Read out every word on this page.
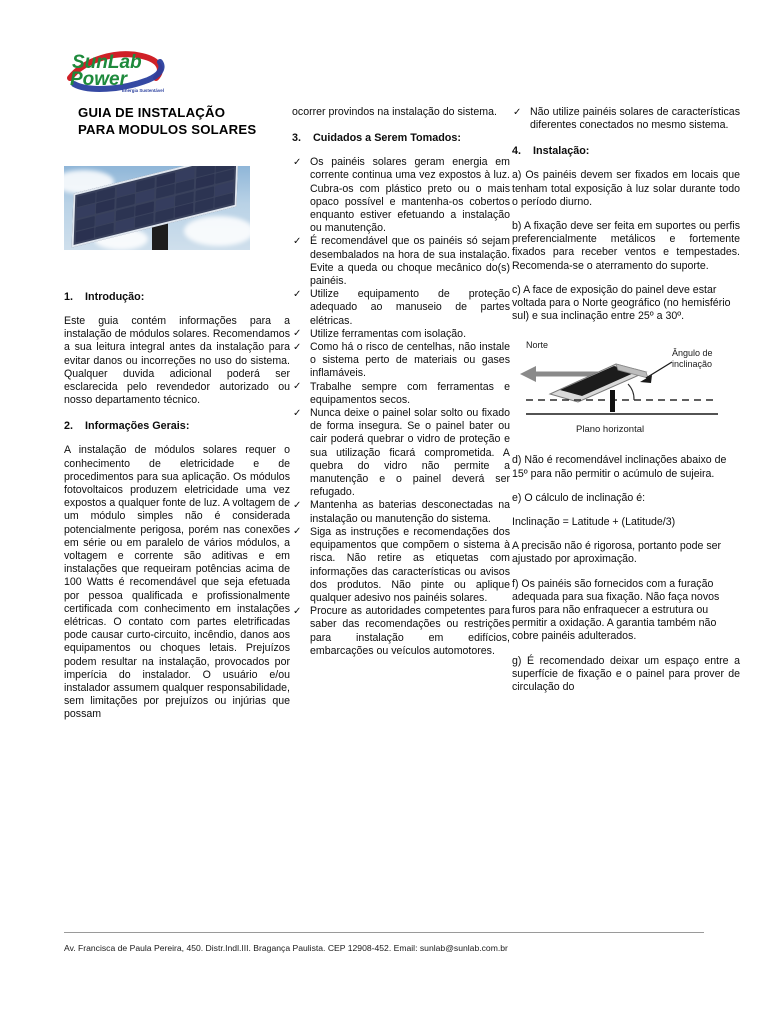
SunLab
Power
Energia Sustentável
GUIA DE INSTALAÇÃO
PARA MODULOS SOLARES
1. Introdução:

Este guia contém informações para a instalação de módulos solares. Recomendamos a sua leitura integral antes da instalação para evitar danos ou incorreções no uso do sistema. Qualquer duvida adicional poderá ser esclarecida pelo revendedor autorizado ou nosso departamento técnico.

2. Informações Gerais:

A instalação de módulos solares requer o conhecimento de eletricidade e de procedimentos para sua aplicação. Os módulos fotovoltaicos produzem eletricidade uma vez expostos a qualquer fonte de luz. A voltagem de um módulo simples não é considerada potencialmente perigosa, porém nas conexões em série ou em paralelo de vários módulos, a voltagem e corrente são aditivas e em instalações que requeiram potências acima de 100 Watts é recomendável que seja efetuada por pessoa qualificada e profissionalmente certificada com conhecimento em instalações elétricas. O contato com partes eletrificadas pode causar curto-circuito, incêndio, danos aos equipamentos ou choques letais. Prejuízos podem resultar na instalação, provocados por imperícia do instalador. O usuário e/ou instalador assumem qualquer responsabilidade, sem limitações por prejuízos ou injúrias que possam

ocorrer provindos na instalação do sistema.

3. Cuidados a Serem Tomados:
✓ Os painéis solares geram energia em corrente continua uma vez expostos à luz. Cubra-os com plástico preto ou o mais opaco possível e mantenha-os cobertos enquanto estiver efetuando a instalação ou manutenção.
✓ É recomendável que os painéis só sejam desembalados na hora de sua instalação. Evite a queda ou choque mecânico do(s) painéis.
✓ Utilize equipamento de proteção adequado ao manuseio de partes elétricas.
✓ Utilize ferramentas com isolação.
✓ Como há o risco de centelhas, não instale o sistema perto de materiais ou gases inflamáveis.
✓ Trabalhe sempre com ferramentas e equipamentos secos.
✓ Nunca deixe o painel solar solto ou fixado de forma insegura. Se o painel bater ou cair poderá quebrar o vidro de proteção e sua utilização ficará comprometida. A quebra do vidro não permite a manutenção e o painel deverá ser refugado.
✓ Mantenha as baterias desconectadas na instalação ou manutenção do sistema.
✓ Siga as instruções e recomendações dos equipamentos que compõem o sistema à risca. Não retire as etiquetas com informações das características ou avisos dos produtos. Não pinte ou aplique qualquer adesivo nos painéis solares.
✓ Procure as autoridades competentes para saber das recomendações ou restrições para instalação em edifícios, embarcações ou veículos automotores.
✓ Não utilize painéis solares de características diferentes conectados no mesmo sistema.
4. Instalação:

a) Os painéis devem ser fixados em locais que tenham total exposição à luz solar durante todo o período diurno.

b) A fixação deve ser feita em suportes ou perfis preferencialmente metálicos e fortemente fixados para receber ventos e tempestades. Recomenda-se o aterramento do suporte.

c) A face de exposição do painel deve estar voltada para o Norte geográfico (no hemisfério sul) e sua inclinação entre 25º a 30º.

Norte
Ângulo de
inclinação
Plano horizontal

d) Não é recomendável inclinações abaixo de 15º para não permitir o acúmulo de sujeira.

e) O cálculo de inclinação é:

Inclinação = Latitude + (Latitude/3)

A precisão não é rigorosa, portanto pode ser ajustado por aproximação.

f) Os painéis são fornecidos com a furação adequada para sua fixação. Não faça novos furos para não enfraquecer a estrutura ou permitir a oxidação. A garantia também não cobre painéis adulterados.

g) É recomendado deixar um espaço entre a superfície de fixação e o painel para prover de circulação do

Av. Francisca de Paula Pereira, 450. Distr.Indl.III. Bragança Paulista. CEP 12908-452. Email: sunlab@sunlab.com.br
